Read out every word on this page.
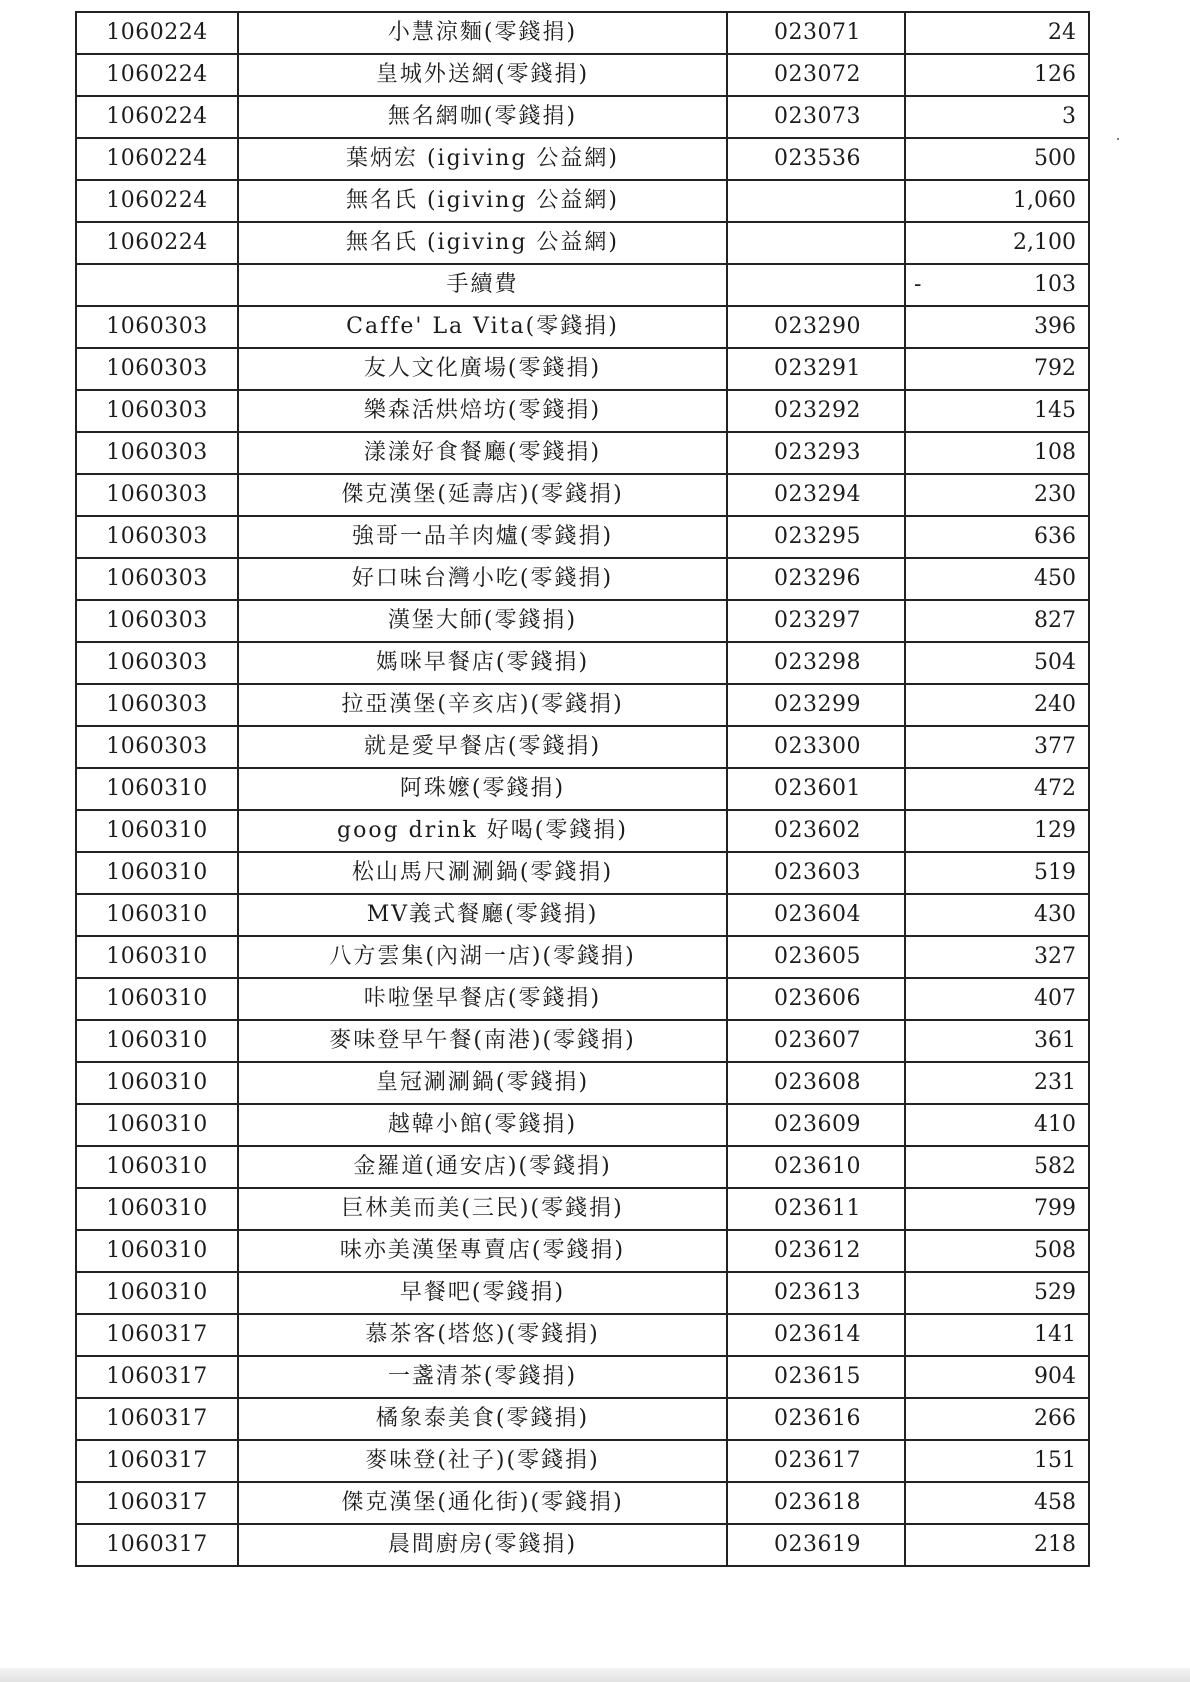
1060224	小慧涼麵(零錢捐)	023071	24
1060224	皇城外送網(零錢捐)	023072	126
1060224	無名網咖(零錢捐)	023073	3
1060224	葉炳宏 (igiving 公益網)	023536	500
1060224	無名氏 (igiving 公益網)		1,060
1060224	無名氏 (igiving 公益網)		2,100
	手續費		- 103
1060303	Caffe' La Vita(零錢捐)	023290	396
1060303	友人文化廣場(零錢捐)	023291	792
1060303	樂森活烘焙坊(零錢捐)	023292	145
1060303	漾漾好食餐廳(零錢捐)	023293	108
1060303	傑克漢堡(延壽店)(零錢捐)	023294	230
1060303	強哥一品羊肉爐(零錢捐)	023295	636
1060303	好口味台灣小吃(零錢捐)	023296	450
1060303	漢堡大師(零錢捐)	023297	827
1060303	媽咪早餐店(零錢捐)	023298	504
1060303	拉亞漢堡(辛亥店)(零錢捐)	023299	240
1060303	就是愛早餐店(零錢捐)	023300	377
1060310	阿珠嬤(零錢捐)	023601	472
1060310	goog drink 好喝(零錢捐)	023602	129
1060310	松山馬尺涮涮鍋(零錢捐)	023603	519
1060310	MV義式餐廳(零錢捐)	023604	430
1060310	八方雲集(內湖一店)(零錢捐)	023605	327
1060310	咔啦堡早餐店(零錢捐)	023606	407
1060310	麥味登早午餐(南港)(零錢捐)	023607	361
1060310	皇冠涮涮鍋(零錢捐)	023608	231
1060310	越韓小館(零錢捐)	023609	410
1060310	金羅道(通安店)(零錢捐)	023610	582
1060310	巨林美而美(三民)(零錢捐)	023611	799
1060310	味亦美漢堡專賣店(零錢捐)	023612	508
1060310	早餐吧(零錢捐)	023613	529
1060317	慕茶客(塔悠)(零錢捐)	023614	141
1060317	一盞清茶(零錢捐)	023615	904
1060317	橘象泰美食(零錢捐)	023616	266
1060317	麥味登(社子)(零錢捐)	023617	151
1060317	傑克漢堡(通化街)(零錢捐)	023618	458
1060317	晨間廚房(零錢捐)	023619	218
